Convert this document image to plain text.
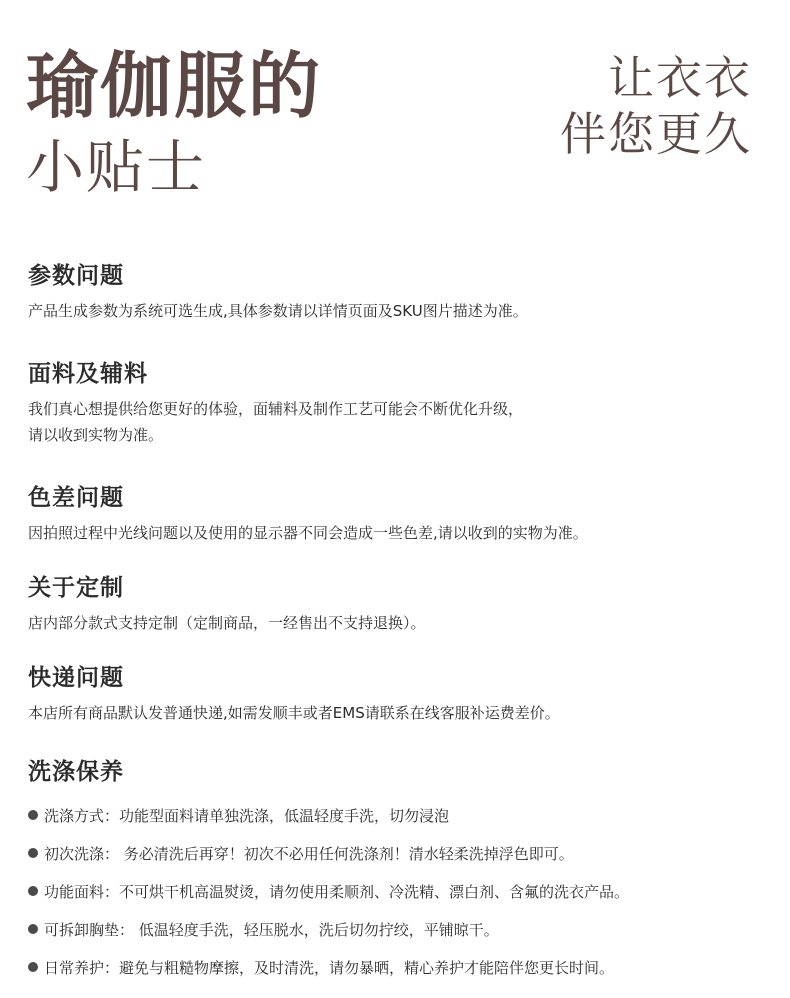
瑜伽服的
小贴士
让衣衣
伴您更久
参数问题
产品生成参数为系统可选生成,具体参数请以详情页面及SKU图片描述为准。
面料及辅料
我们真心想提供给您更好的体验，面辅料及制作工艺可能会不断优化升级，
请以收到实物为准。
色差问题
因拍照过程中光线问题以及使用的显示器不同会造成一些色差,请以收到的实物为准。
关于定制
店内部分款式支持定制（定制商品，一经售出不支持退换）。
快递问题
本店所有商品默认发普通快递,如需发顺丰或者EMS请联系在线客服补运费差价。
洗涤保养
洗涤方式：功能型面料请单独洗涤，低温轻度手洗，切勿浸泡
初次洗涤： 务必清洗后再穿！初次不必用任何洗涤剂！清水轻柔洗掉浮色即可。
功能面料：不可烘干机高温熨烫，请勿使用柔顺剂、冷洗精、漂白剂、含氟的洗衣产品。
可拆卸胸垫： 低温轻度手洗，轻压脱水，洗后切勿拧绞，平铺晾干。
日常养护：避免与粗糙物摩擦，及时清洗，请勿暴晒，精心养护才能陪伴您更长时间。
